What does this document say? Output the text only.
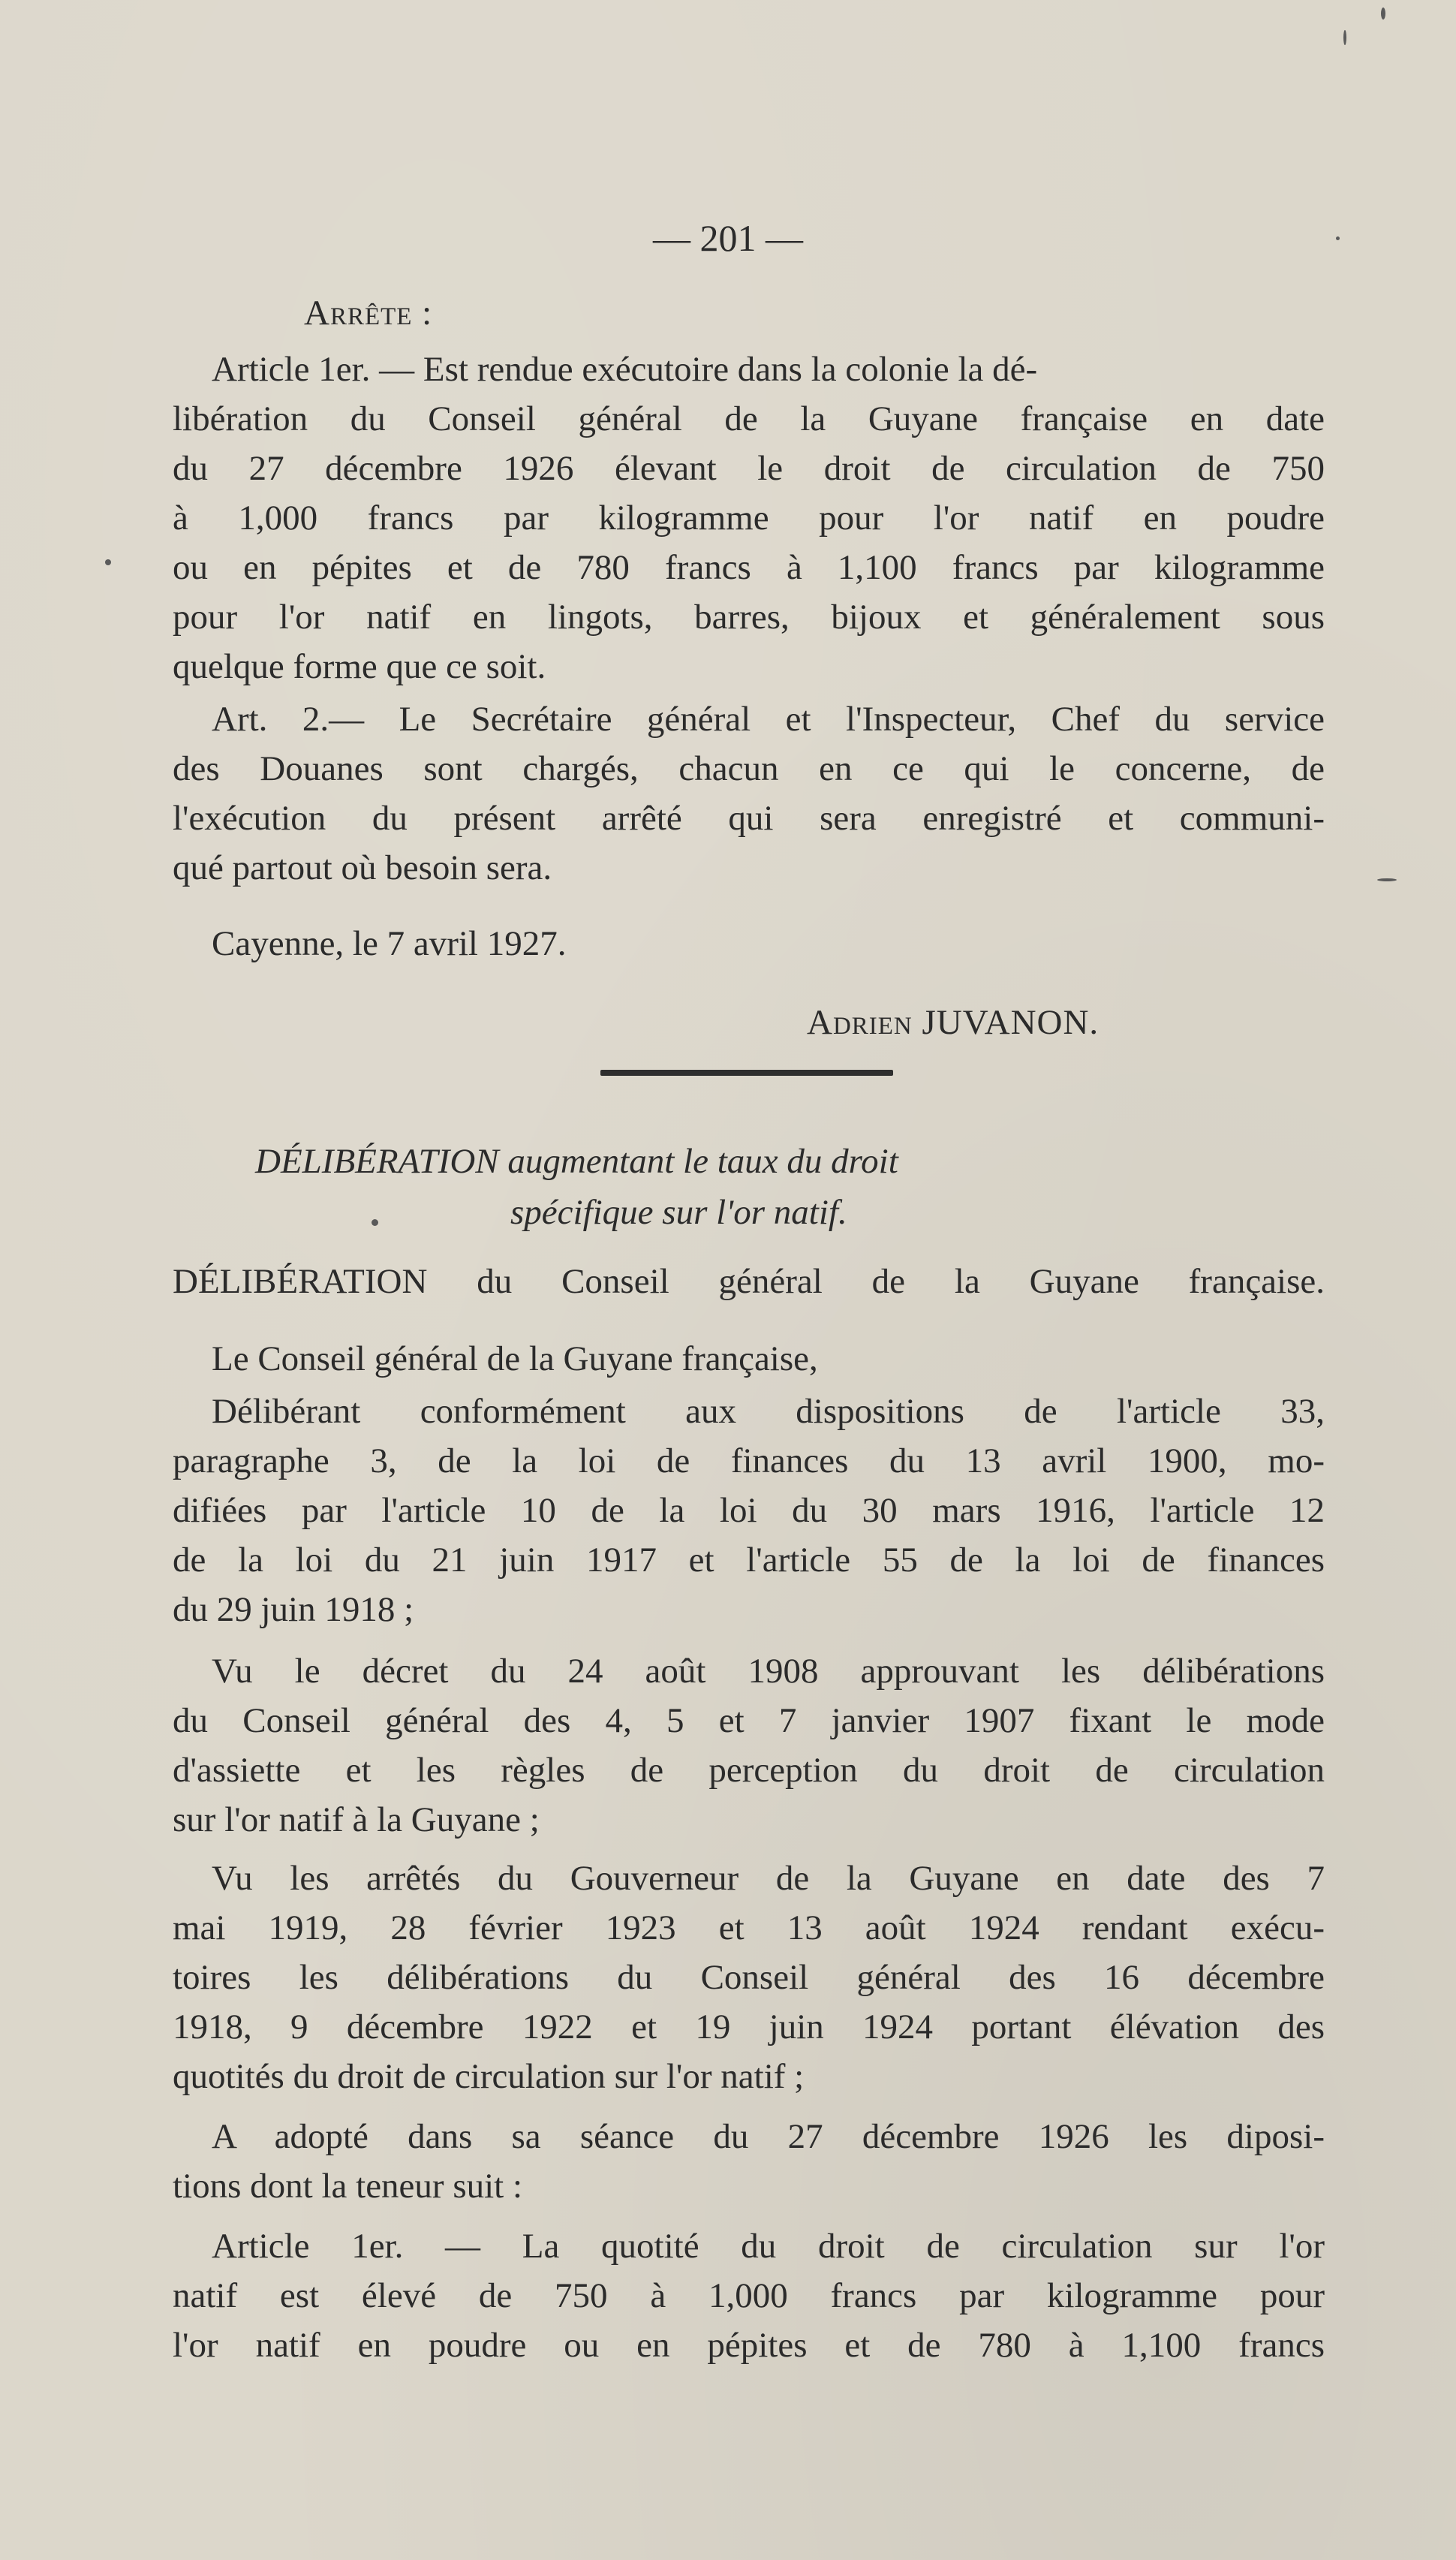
— 201 —
Arrête :
Article 1er. — Est rendue exécutoire dans la colonie la dé-
libération du Conseil général de la Guyane française en date
du 27 décembre 1926 élevant le droit de circulation de 750
à 1,000 francs par kilogramme pour l'or natif en poudre
ou en pépites et de 780 francs à 1,100 francs par kilogramme
pour l'or natif en lingots, barres, bijoux et généralement sous
quelque forme que ce soit.
Art. 2.— Le Secrétaire général et l'Inspecteur, Chef du service
des Douanes sont chargés, chacun en ce qui le concerne, de
l'exécution du présent arrêté qui sera enregistré et communi-
qué partout où besoin sera.
Cayenne, le 7 avril 1927.
Adrien JUVANON.
DÉLIBÉRATION augmentant le taux du droit
spécifique sur l'or natif.
DÉLIBÉRATION du Conseil général de la Guyane française.
Le Conseil général de la Guyane française,
Délibérant conformément aux dispositions de l'article 33,
paragraphe 3, de la loi de finances du 13 avril 1900, mo-
difiées par l'article 10 de la loi du 30 mars 1916, l'article 12
de la loi du 21 juin 1917 et l'article 55 de la loi de finances
du 29 juin 1918 ;
Vu le décret du 24 août 1908 approuvant les délibérations
du Conseil général des 4, 5 et 7 janvier 1907 fixant le mode
d'assiette et les règles de perception du droit de circulation
sur l'or natif à la Guyane ;
Vu les arrêtés du Gouverneur de la Guyane en date des 7
mai 1919, 28 février 1923 et 13 août 1924 rendant exécu-
toires les délibérations du Conseil général des 16 décembre
1918, 9 décembre 1922 et 19 juin 1924 portant élévation des
quotités du droit de circulation sur l'or natif ;
A adopté dans sa séance du 27 décembre 1926 les diposi-
tions dont la teneur suit :
Article 1er. — La quotité du droit de circulation sur l'or
natif est élevé de 750 à 1,000 francs par kilogramme pour
l'or natif en poudre ou en pépites et de 780 à 1,100 francs
